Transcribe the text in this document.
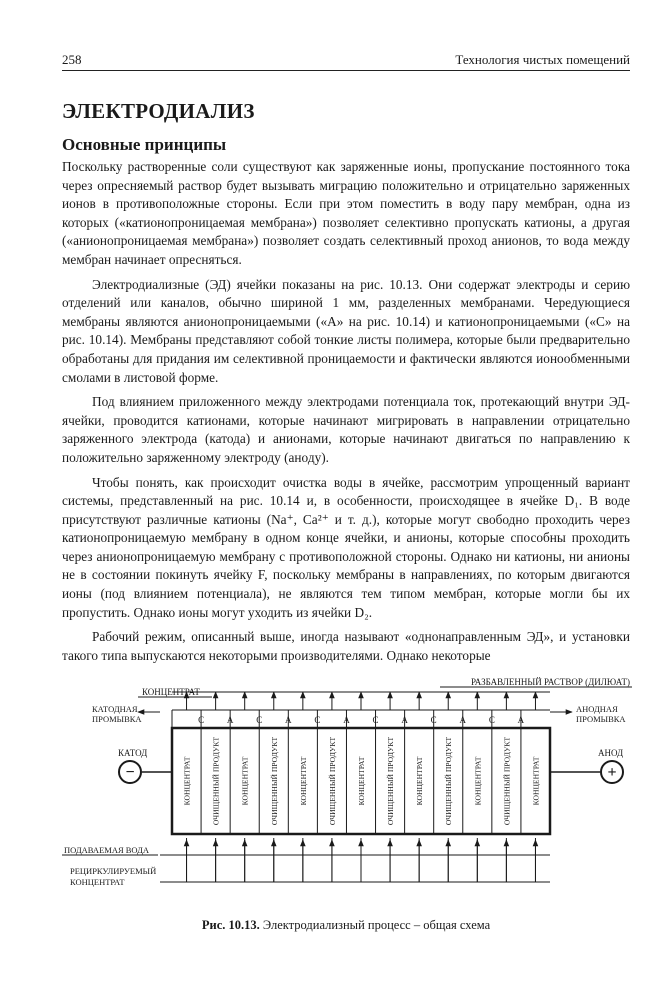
258	Технология чистых помещений
ЭЛЕКТРОДИАЛИЗ
Основные принципы

Поскольку растворенные соли существуют как заряженные ионы, пропускание постоянного тока через опресняемый раствор будет вызывать миграцию положительно и отрицательно заряженных ионов в противоположные стороны. Если при этом поместить в воду пару мембран, одна из которых («катионопроницаемая мембрана») позволяет селективно пропускать катионы, а другая («анионопроницаемая мембрана») позволяет создать селективный проход анионов, то вода между мембран начинает опресняться.

Электродиализные (ЭД) ячейки показаны на рис. 10.13. Они содержат электроды и серию отделений или каналов, обычно шириной 1 мм, разделенных мембранами. Чередующиеся мембраны являются анионопроницаемыми («А» на рис. 10.14) и катионопроницаемыми («С» на рис. 10.14). Мембраны представляют собой тонкие листы полимера, которые были предварительно обработаны для придания им селективной проницаемости и фактически являются ионообменными смолами в листовой форме.

Под влиянием приложенного между электродами потенциала ток, протекающий внутри ЭД-ячейки, проводится катионами, которые начинают мигрировать в направлении отрицательно заряженного электрода (катода) и анионами, которые начинают двигаться по направлению к положительно заряженному электроду (аноду).

Чтобы понять, как происходит очистка воды в ячейке, рассмотрим упрощенный вариант системы, представленный на рис. 10.14 и, в особенности, происходящее в ячейке D₁. В воде присутствуют различные катионы (Na⁺, Ca²⁺ и т. д.), которые могут свободно проходить через катионопроницаемую мембрану в одном конце ячейки, и анионы, которые способны проходить через анионопроницаемую мембрану с противоположной стороны. Однако ни катионы, ни анионы не в состоянии покинуть ячейку F, поскольку мембраны в направлениях, по которым двигаются ионы (под влиянием потенциала), не являются тем типом мембран, которые могли бы их пропустить. Однако ионы могут уходить из ячейки D₂.

Рабочий режим, описанный выше, иногда называют «однонаправленным ЭД», и установки такого типа выпускаются некоторыми производителями. Однако некоторые

КОНЦЕНТРАТ
РАЗБАВЛЕННЫЙ РАСТВОР (ДИЛЮАТ)
КАТОДНАЯ
ПРОМЫВКА
АНОДНАЯ
ПРОМЫВКА
КАТОД
−
АНОД
+
КОНЦЕНТРАТ	ОЧИЩЕННЫЙ ПРОДУКТ	КОНЦЕНТРАТ	ОЧИЩЕННЫЙ ПРОДУКТ	КОНЦЕНТРАТ	ОЧИЩЕННЫЙ ПРОДУКТ	КОНЦЕНТРАТ	ОЧИЩЕННЫЙ ПРОДУКТ	КОНЦЕНТРАТ	ОЧИЩЕННЫЙ ПРОДУКТ	КОНЦЕНТРАТ	ОЧИЩЕННЫЙ ПРОДУКТ	КОНЦЕНТРАТ
C	A	C	A	C	A	C	A	C	A	C	A
ПОДАВАЕМАЯ ВОДА
РЕЦИРКУЛИРУЕМЫЙ
КОНЦЕНТРАТ
Рис. 10.13. Электродиализный процесс – общая схема
